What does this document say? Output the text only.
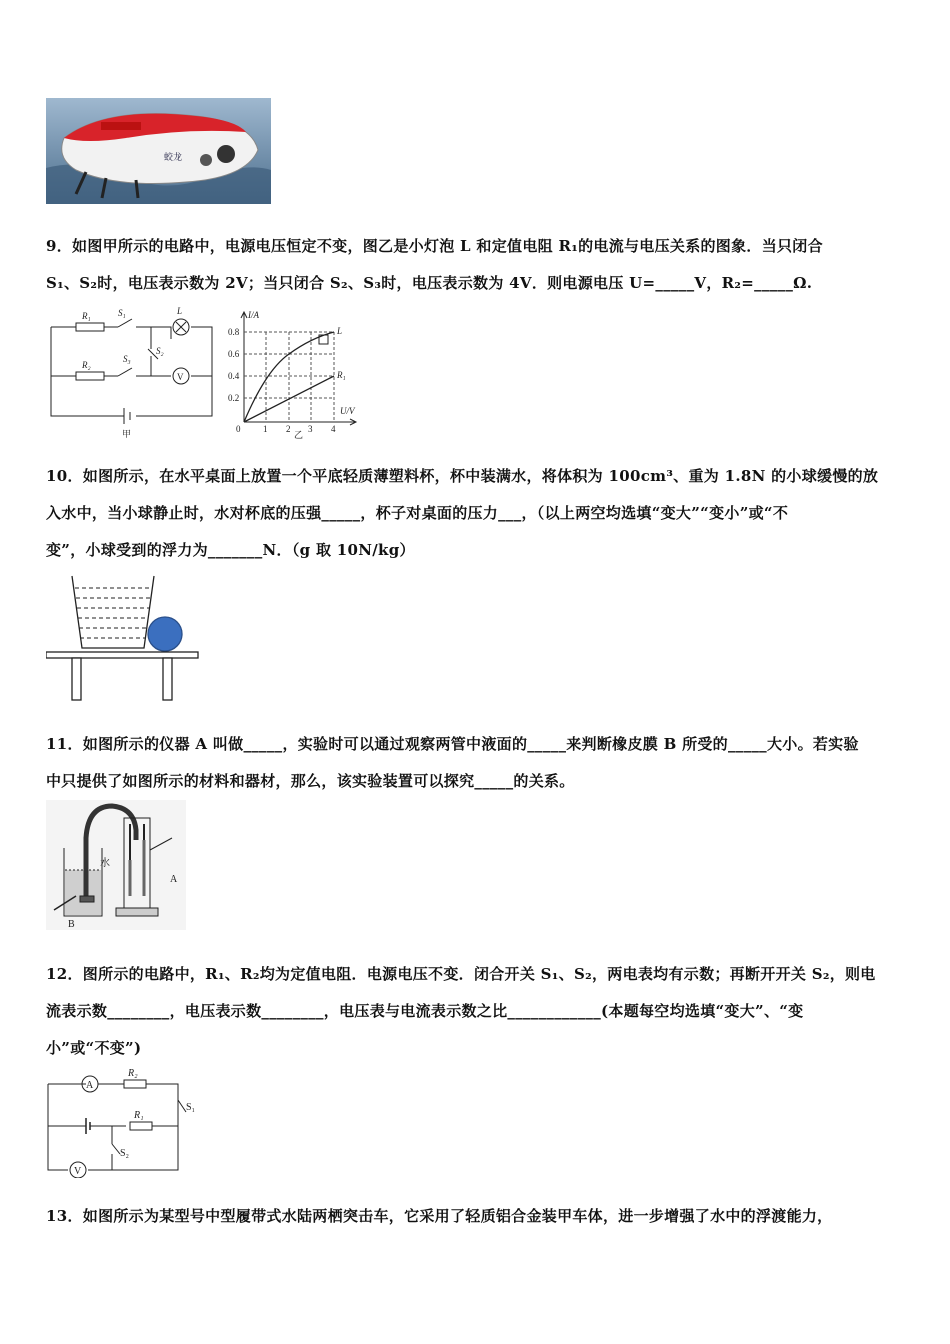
蛟龙

9．如图甲所示的电路中，电源电压恒定不变，图乙是小灯泡 L 和定值电阻 R₁的电流与电压关系的图象．当只闭合

S₁、S₂时，电压表示数为 2V；当只闭合 S₂、S₃时，电压表示数为 4V．则电源电压 U=_____V，R₂=_____Ω.

R₁
R₂
S₁
S₂
S₃
L
V
甲
I/A
U/V
0.8
0.6
0.4
0.2
0	1 2 3 4
L
R₁
乙

10．如图所示，在水平桌面上放置一个平底轻质薄塑料杯，杯中装满水，将体积为 100cm³、重为 1.8N 的小球缓慢的放

入水中，当小球静止时，水对杯底的压强_____，杯子对桌面的压力___，（以上两空均选填“变大”“变小”或“不

变”，小球受到的浮力为_______N．（g 取 10N/kg）

11．如图所示的仪器 A 叫做_____，实验时可以通过观察两管中液面的_____来判断橡皮膜 B 所受的_____大小。若实验

中只提供了如图所示的材料和器材，那么，该实验装置可以探究_____的关系。

水
A
B

12．图所示的电路中，R₁、R₂均为定值电阻．电源电压不变．闭合开关 S₁、S₂，两电表均有示数；再断开开关 S₂，则电

流表示数________，电压表示数________，电压表与电流表示数之比____________(本题每空均选填“变大”、“变

小”或“不变”)

A
V
R₂
R₁
S₁
S₂

13．如图所示为某型号中型履带式水陆两栖突击车，它采用了轻质铝合金装甲车体，进一步增强了水中的浮渡能力，
